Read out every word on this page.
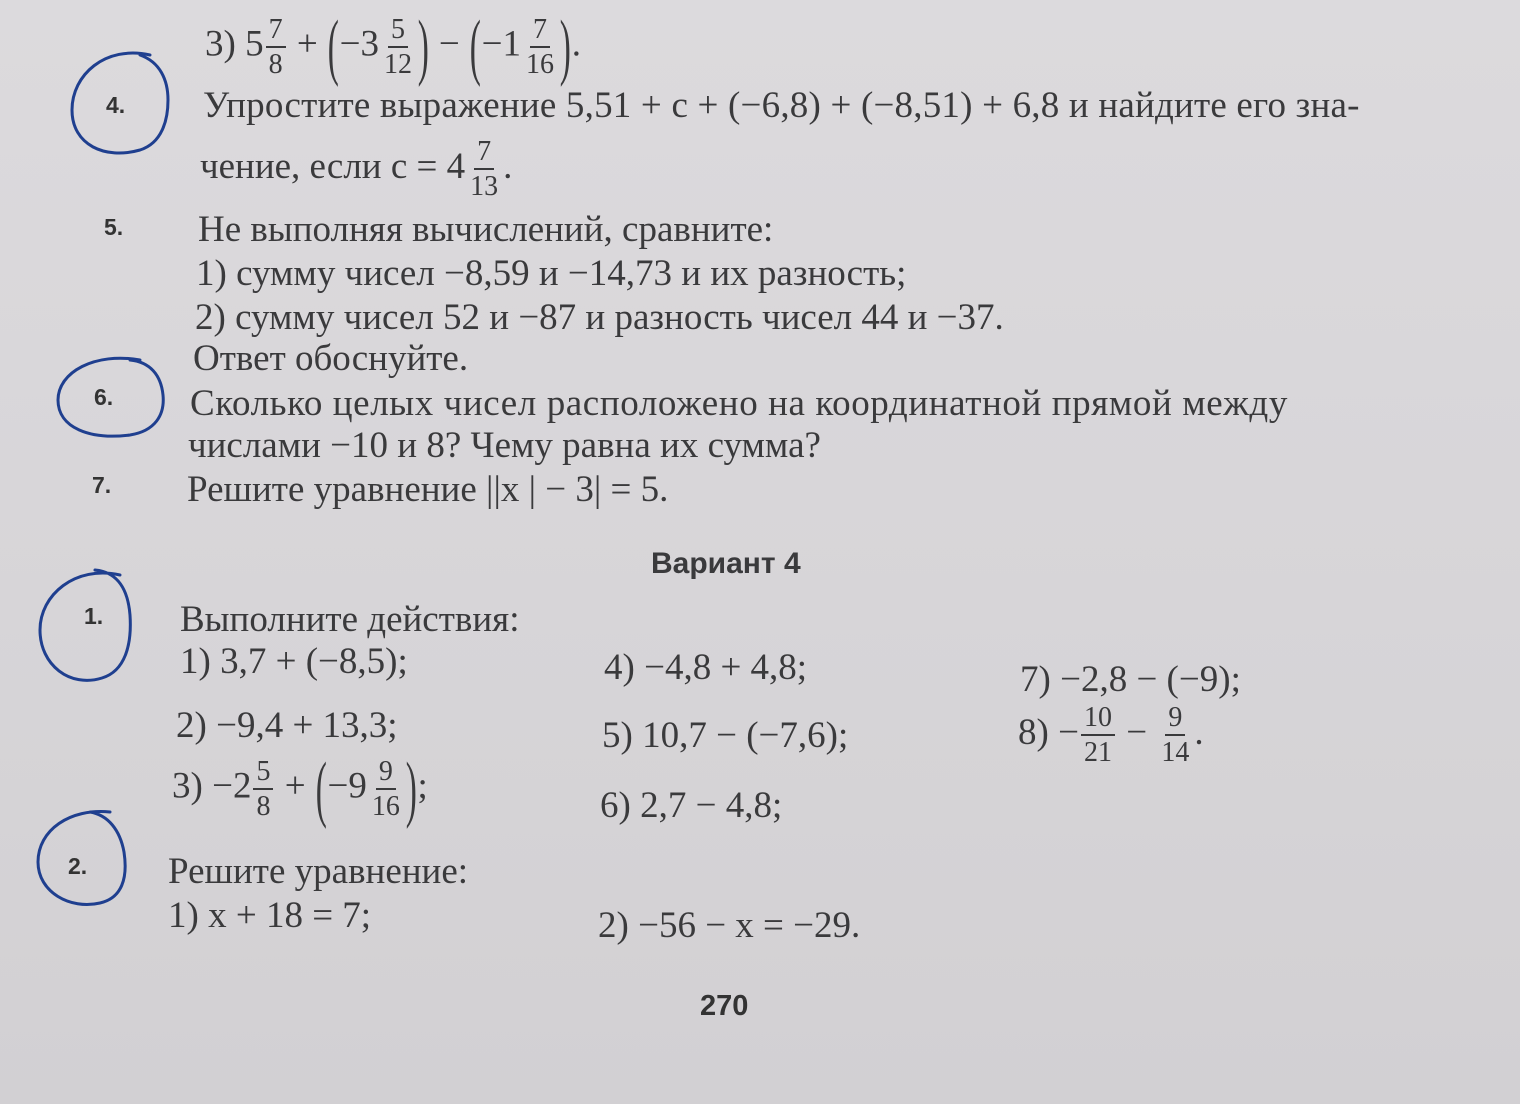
3) $5 \frac{7}{8} + (-3 \frac{5}{12}$ ) − ($-1 \frac{7}{16}$ ).
4. Упростите выражение 5,51 + c + (−6,8) + (−8,51) + 6,8 и найдите его зна-
чение, если $c = 4 \frac{7}{13}$ .
5. Не выполняя вычислений, сравните:
1) сумму чисел −8,59 и −14,73 и их разность;
2) сумму чисел 52 и −87 и разность чисел 44 и −37.
Ответ обоснуйте.
6. Сколько целых чисел расположено на координатной прямой между
числами −10 и 8? Чему равна их сумма?
7. Решите уравнение ||x | − 3| = 5.
Вариант 4
1. Выполните действия:
1) 3,7 + (−8,5);
2) −9,4 + 13,3;
$3) -2 \frac{5}{8} + (-9 \frac{9}{16}$ );
4) −4,8 + 4,8;
5) 10,7 − (−7,6);
6) 2,7 − 4,8;
7) −2,8 − (−9);
$8) - \frac{10}{21} - \frac{9}{14}$ .
2. Решите уравнение:
1) x + 18 = 7;	2) −56 − x = −29.
270
